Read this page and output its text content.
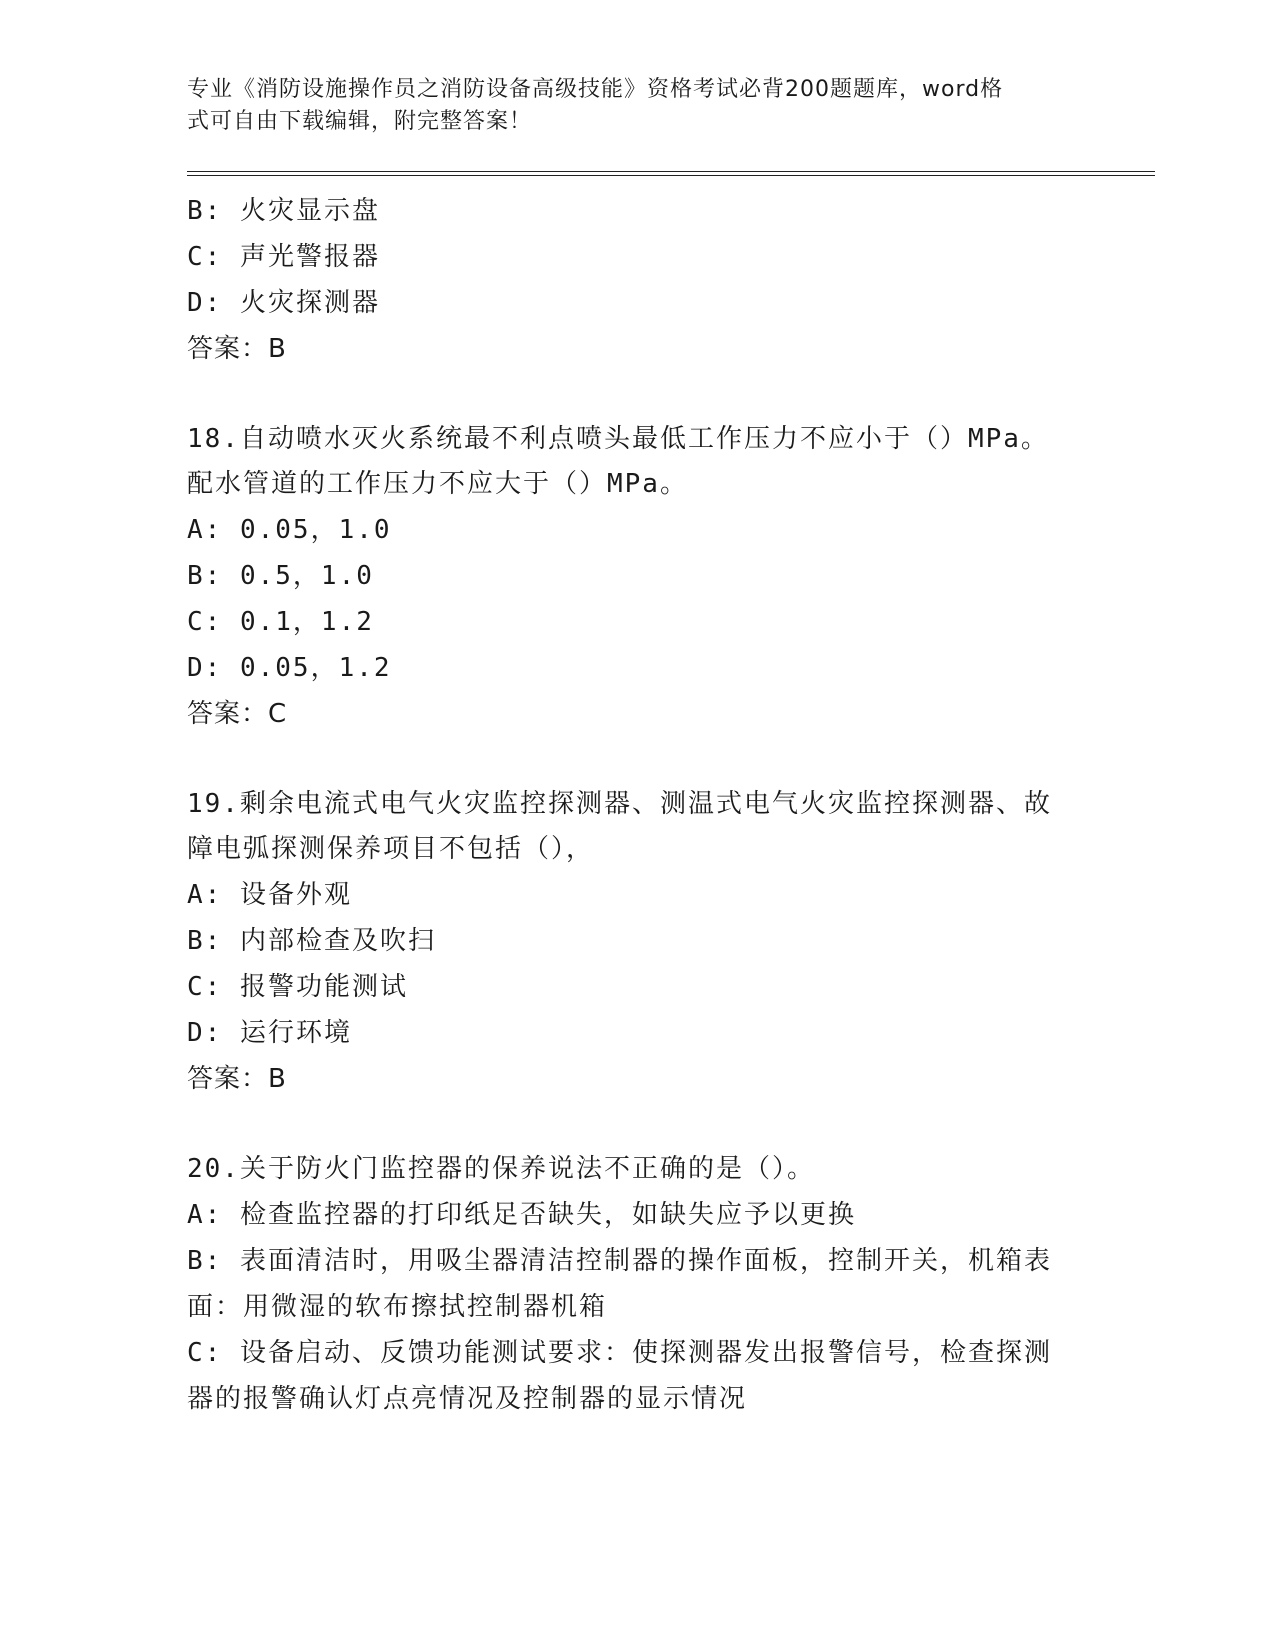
专业《消防设施操作员之消防设备高级技能》资格考试必背200题题库，word格
式可自由下载编辑，附完整答案！
B: 火灾显示盘
C: 声光警报器
D: 火灾探测器
答案：B
18.自动喷水灭火系统最不利点喷头最低工作压力不应小于（）MPa。
配水管道的工作压力不应大于（）MPa。
A: 0.05，1.0
B: 0.5，1.0
C: 0.1，1.2
D: 0.05，1.2
答案：C
19.剩余电流式电气火灾监控探测器、测温式电气火灾监控探测器、故
障电弧探测保养项目不包括（），
A: 设备外观
B: 内部检查及吹扫
C: 报警功能测试
D: 运行环境
答案：B
20.关于防火门监控器的保养说法不正确的是（）。
A: 检查监控器的打印纸足否缺失，如缺失应予以更换
B: 表面清洁时，用吸尘器清洁控制器的操作面板，控制开关，机箱表
面：用微湿的软布擦拭控制器机箱
C: 设备启动、反馈功能测试要求：使探测器发出报警信号，检查探测
器的报警确认灯点亮情况及控制器的显示情况
